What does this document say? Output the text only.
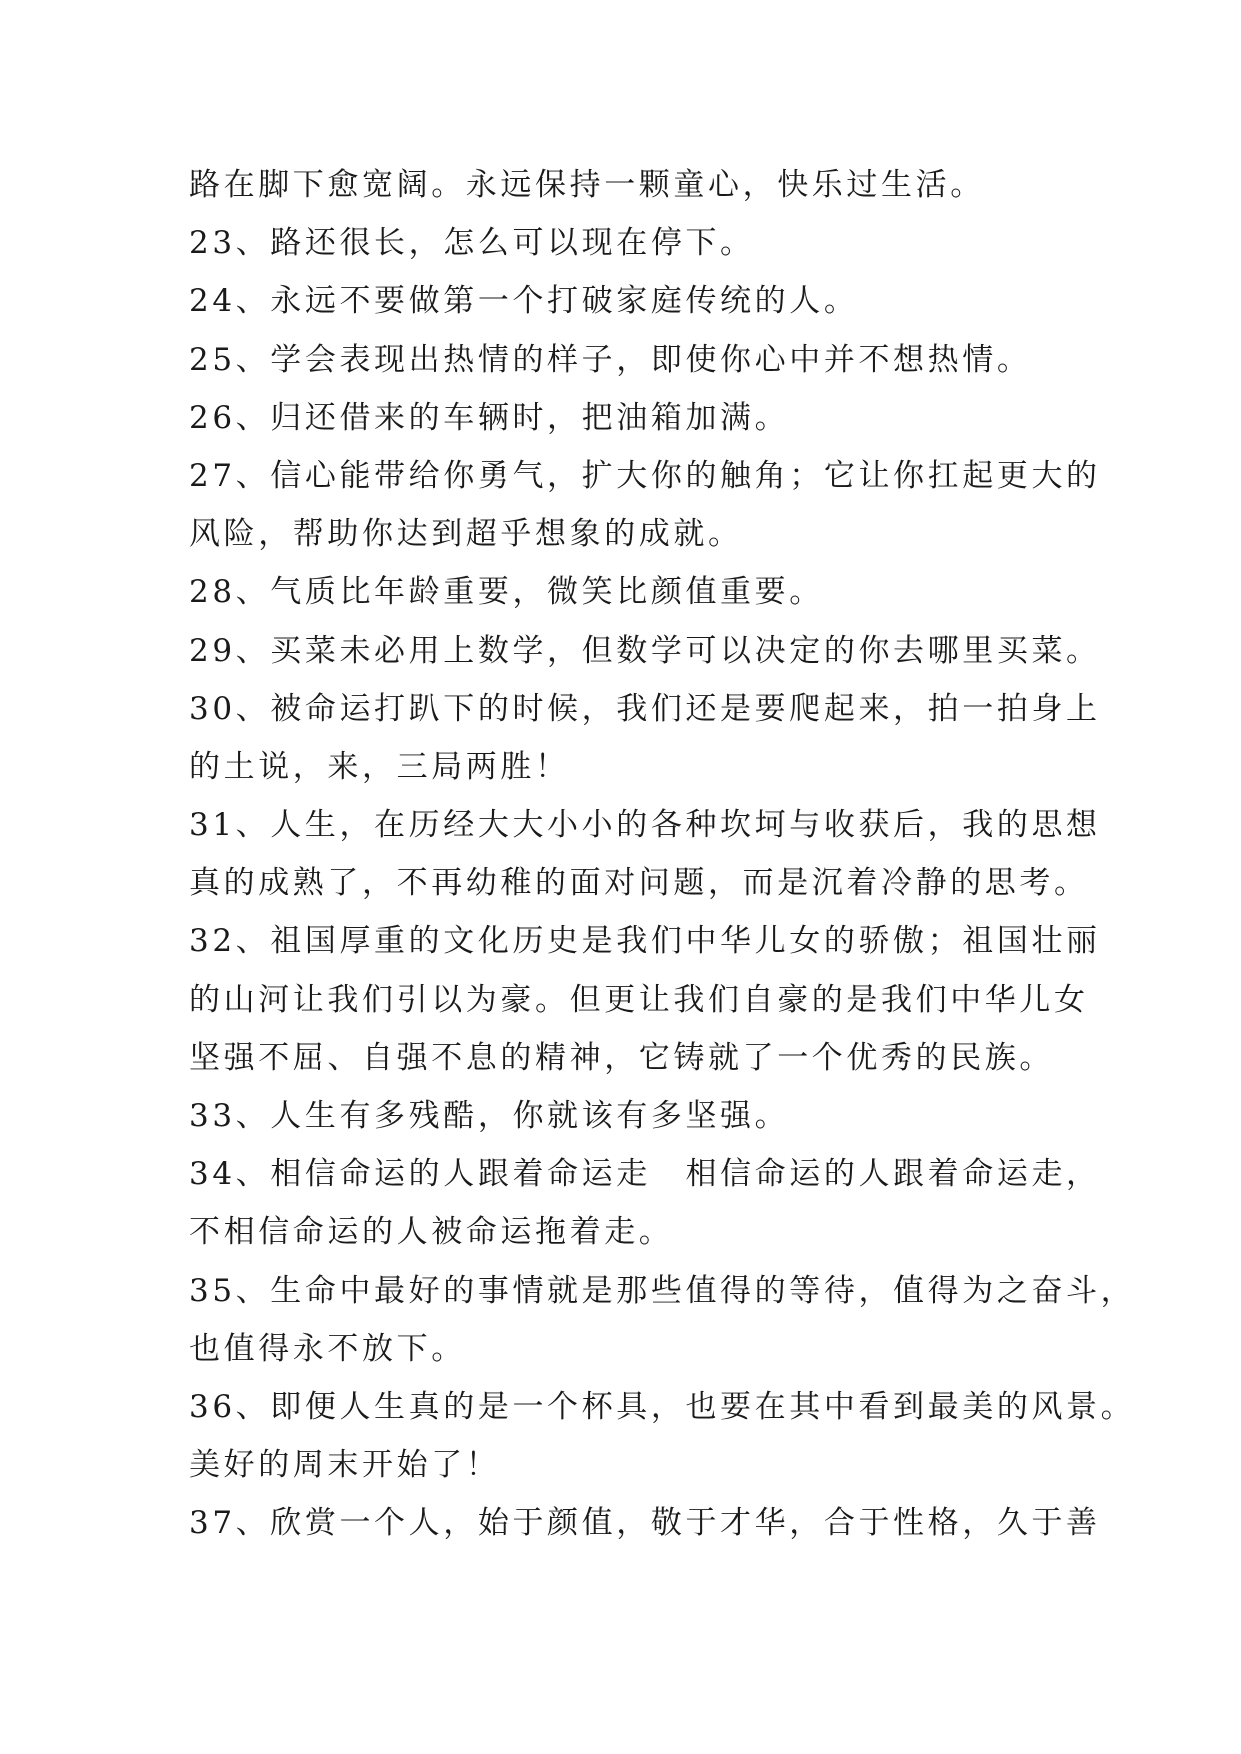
路在脚下愈宽阔。永远保持一颗童心，快乐过生活。
23、路还很长，怎么可以现在停下。
24、永远不要做第一个打破家庭传统的人。
25、学会表现出热情的样子，即使你心中并不想热情。
26、归还借来的车辆时，把油箱加满。
27、信心能带给你勇气，扩大你的触角；它让你扛起更大的
风险，帮助你达到超乎想象的成就。
28、气质比年龄重要，微笑比颜值重要。
29、买菜未必用上数学，但数学可以决定的你去哪里买菜。
30、被命运打趴下的时候，我们还是要爬起来，拍一拍身上
的土说，来，三局两胜！
31、人生，在历经大大小小的各种坎坷与收获后，我的思想
真的成熟了，不再幼稚的面对问题，而是沉着冷静的思考。
32、祖国厚重的文化历史是我们中华儿女的骄傲；祖国壮丽
的山河让我们引以为豪。但更让我们自豪的是我们中华儿女
坚强不屈、自强不息的精神，它铸就了一个优秀的民族。
33、人生有多残酷，你就该有多坚强。
34、相信命运的人跟着命运走　相信命运的人跟着命运走，
不相信命运的人被命运拖着走。
35、生命中最好的事情就是那些值得的等待，值得为之奋斗，
也值得永不放下。
36、即便人生真的是一个杯具，也要在其中看到最美的风景。
美好的周末开始了！
37、欣赏一个人，始于颜值，敬于才华，合于性格，久于善
